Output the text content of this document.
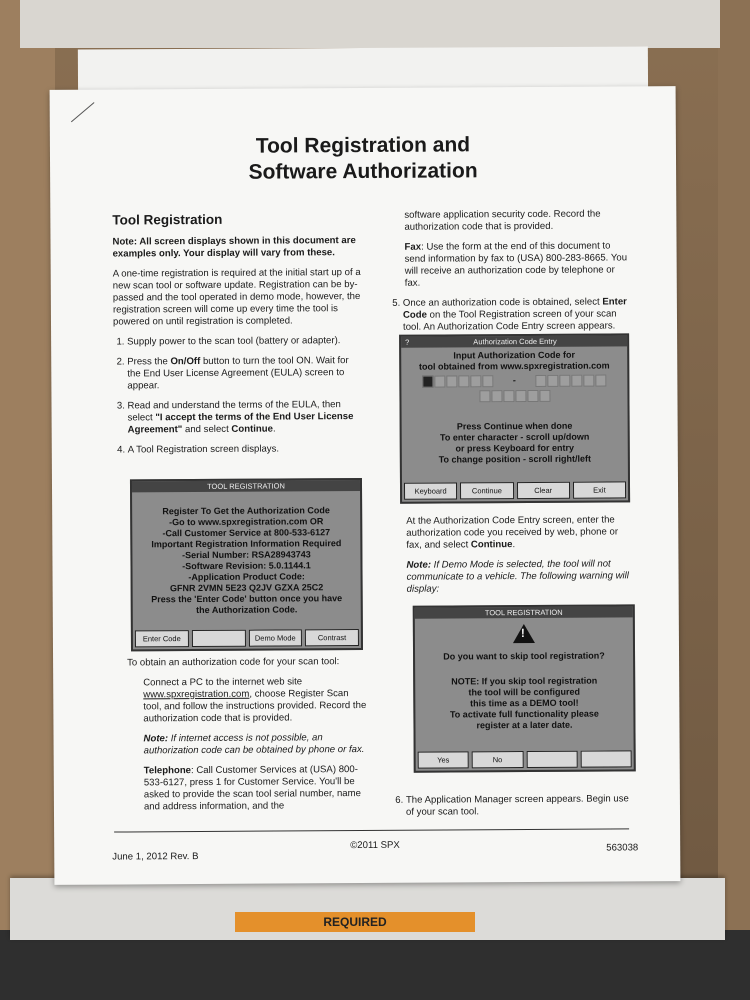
REQUIRED
Tool Registration and
Software Authorization

Tool Registration

Note: All screen displays shown in this document are examples only. Your display will vary from these.

A one-time registration is required at the initial start up of a new scan tool or software update. Registration can be by-passed and the tool operated in demo mode, however, the registration screen will come up every time the tool is powered on until registration is completed.

1. Supply power to the scan tool (battery or adapter).
2. Press the On/Off button to turn the tool ON. Wait for the End User License Agreement (EULA) screen to appear.
3. Read and understand the terms of the EULA, then select "I accept the terms of the End User License Agreement" and select Continue.
4. A Tool Registration screen displays.
TOOL REGISTRATION
Register To Get the Authorization Code
-Go to www.spxregistration.com OR
-Call Customer Service at 800-533-6127
Important Registration Information Required
-Serial Number: RSA28943743
-Software Revision: 5.0.1144.1
-Application Product Code:
GFNR 2VMN 5E23 Q2JV GZXA 25C2
Press the 'Enter Code' button once you have
the Authorization Code.
Enter Code	Demo Mode	Contrast

To obtain an authorization code for your scan tool:

Connect a PC to the internet web site www.spxregistration.com, choose Register Scan tool, and follow the instructions provided. Record the authorization code that is provided.

Note: If internet access is not possible, an authorization code can be obtained by phone or fax.

Telephone: Call Customer Services at (USA) 800-533-6127, press 1 for Customer Service. You'll be asked to provide the scan tool serial number, name and address information, and the

software application security code. Record the authorization code that is provided.

Fax: Use the form at the end of this document to send information by fax to (USA) 800-283-8665. You will receive an authorization code by telephone or fax.

5. Once an authorization code is obtained, select Enter Code on the Tool Registration screen of your scan tool. An Authorization Code Entry screen appears.
?	Authorization Code Entry
Input Authorization Code for
tool obtained from www.spxregistration.com
-
Press Continue when done
To enter character - scroll up/down
or press Keyboard for entry
To change position - scroll right/left
Keyboard	Continue	Clear	Exit

At the Authorization Code Entry screen, enter the authorization code you received by web, phone or fax, and select Continue.

Note: If Demo Mode is selected, the tool will not communicate to a vehicle. The following warning will display:

TOOL REGISTRATION
!
Do you want to skip tool registration?
NOTE: If you skip tool registration
the tool will be configured
this time as a DEMO tool!
To activate full functionality please
register at a later date.
Yes	No
6. The Application Manager screen appears. Begin use of your scan tool.
June 1, 2012 Rev. B
©2011 SPX	563038
